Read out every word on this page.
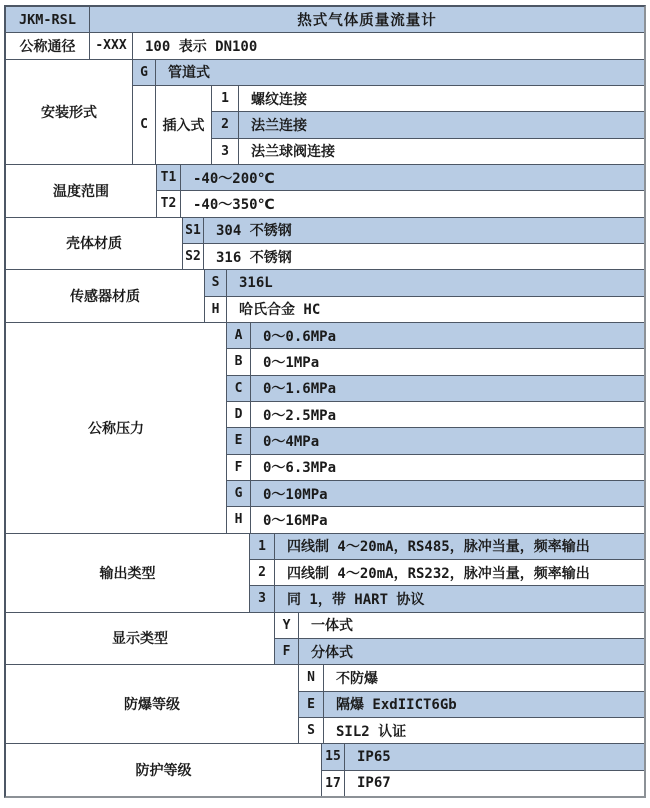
JKM-RSL	热式气体质量流量计
公称通径	-XXX	100 表示 DN100
安装形式
G	管道式
C	插入式
1	螺纹连接
2	法兰连接
3	法兰球阀连接
温度范围
T1	-40～200℃
T2	-40～350℃
壳体材质
S1	304 不锈钢
S2	316 不锈钢
传感器材质
S	316L
H	哈氏合金 HC
公称压力
A	0～0.6MPa
B	0～1MPa
C	0～1.6MPa
D	0～2.5MPa
E	0～4MPa
F	0～6.3MPa
G	0～10MPa
H	0～16MPa
输出类型
1	四线制 4～20mA，RS485，脉冲当量，频率输出
2	四线制 4～20mA，RS232，脉冲当量，频率输出
3	同 1，带 HART 协议
显示类型
Y	一体式
F	分体式
防爆等级
N	不防爆
E	隔爆 ExdIICT6Gb
S	SIL2 认证
防护等级
15	IP65
17	IP67
